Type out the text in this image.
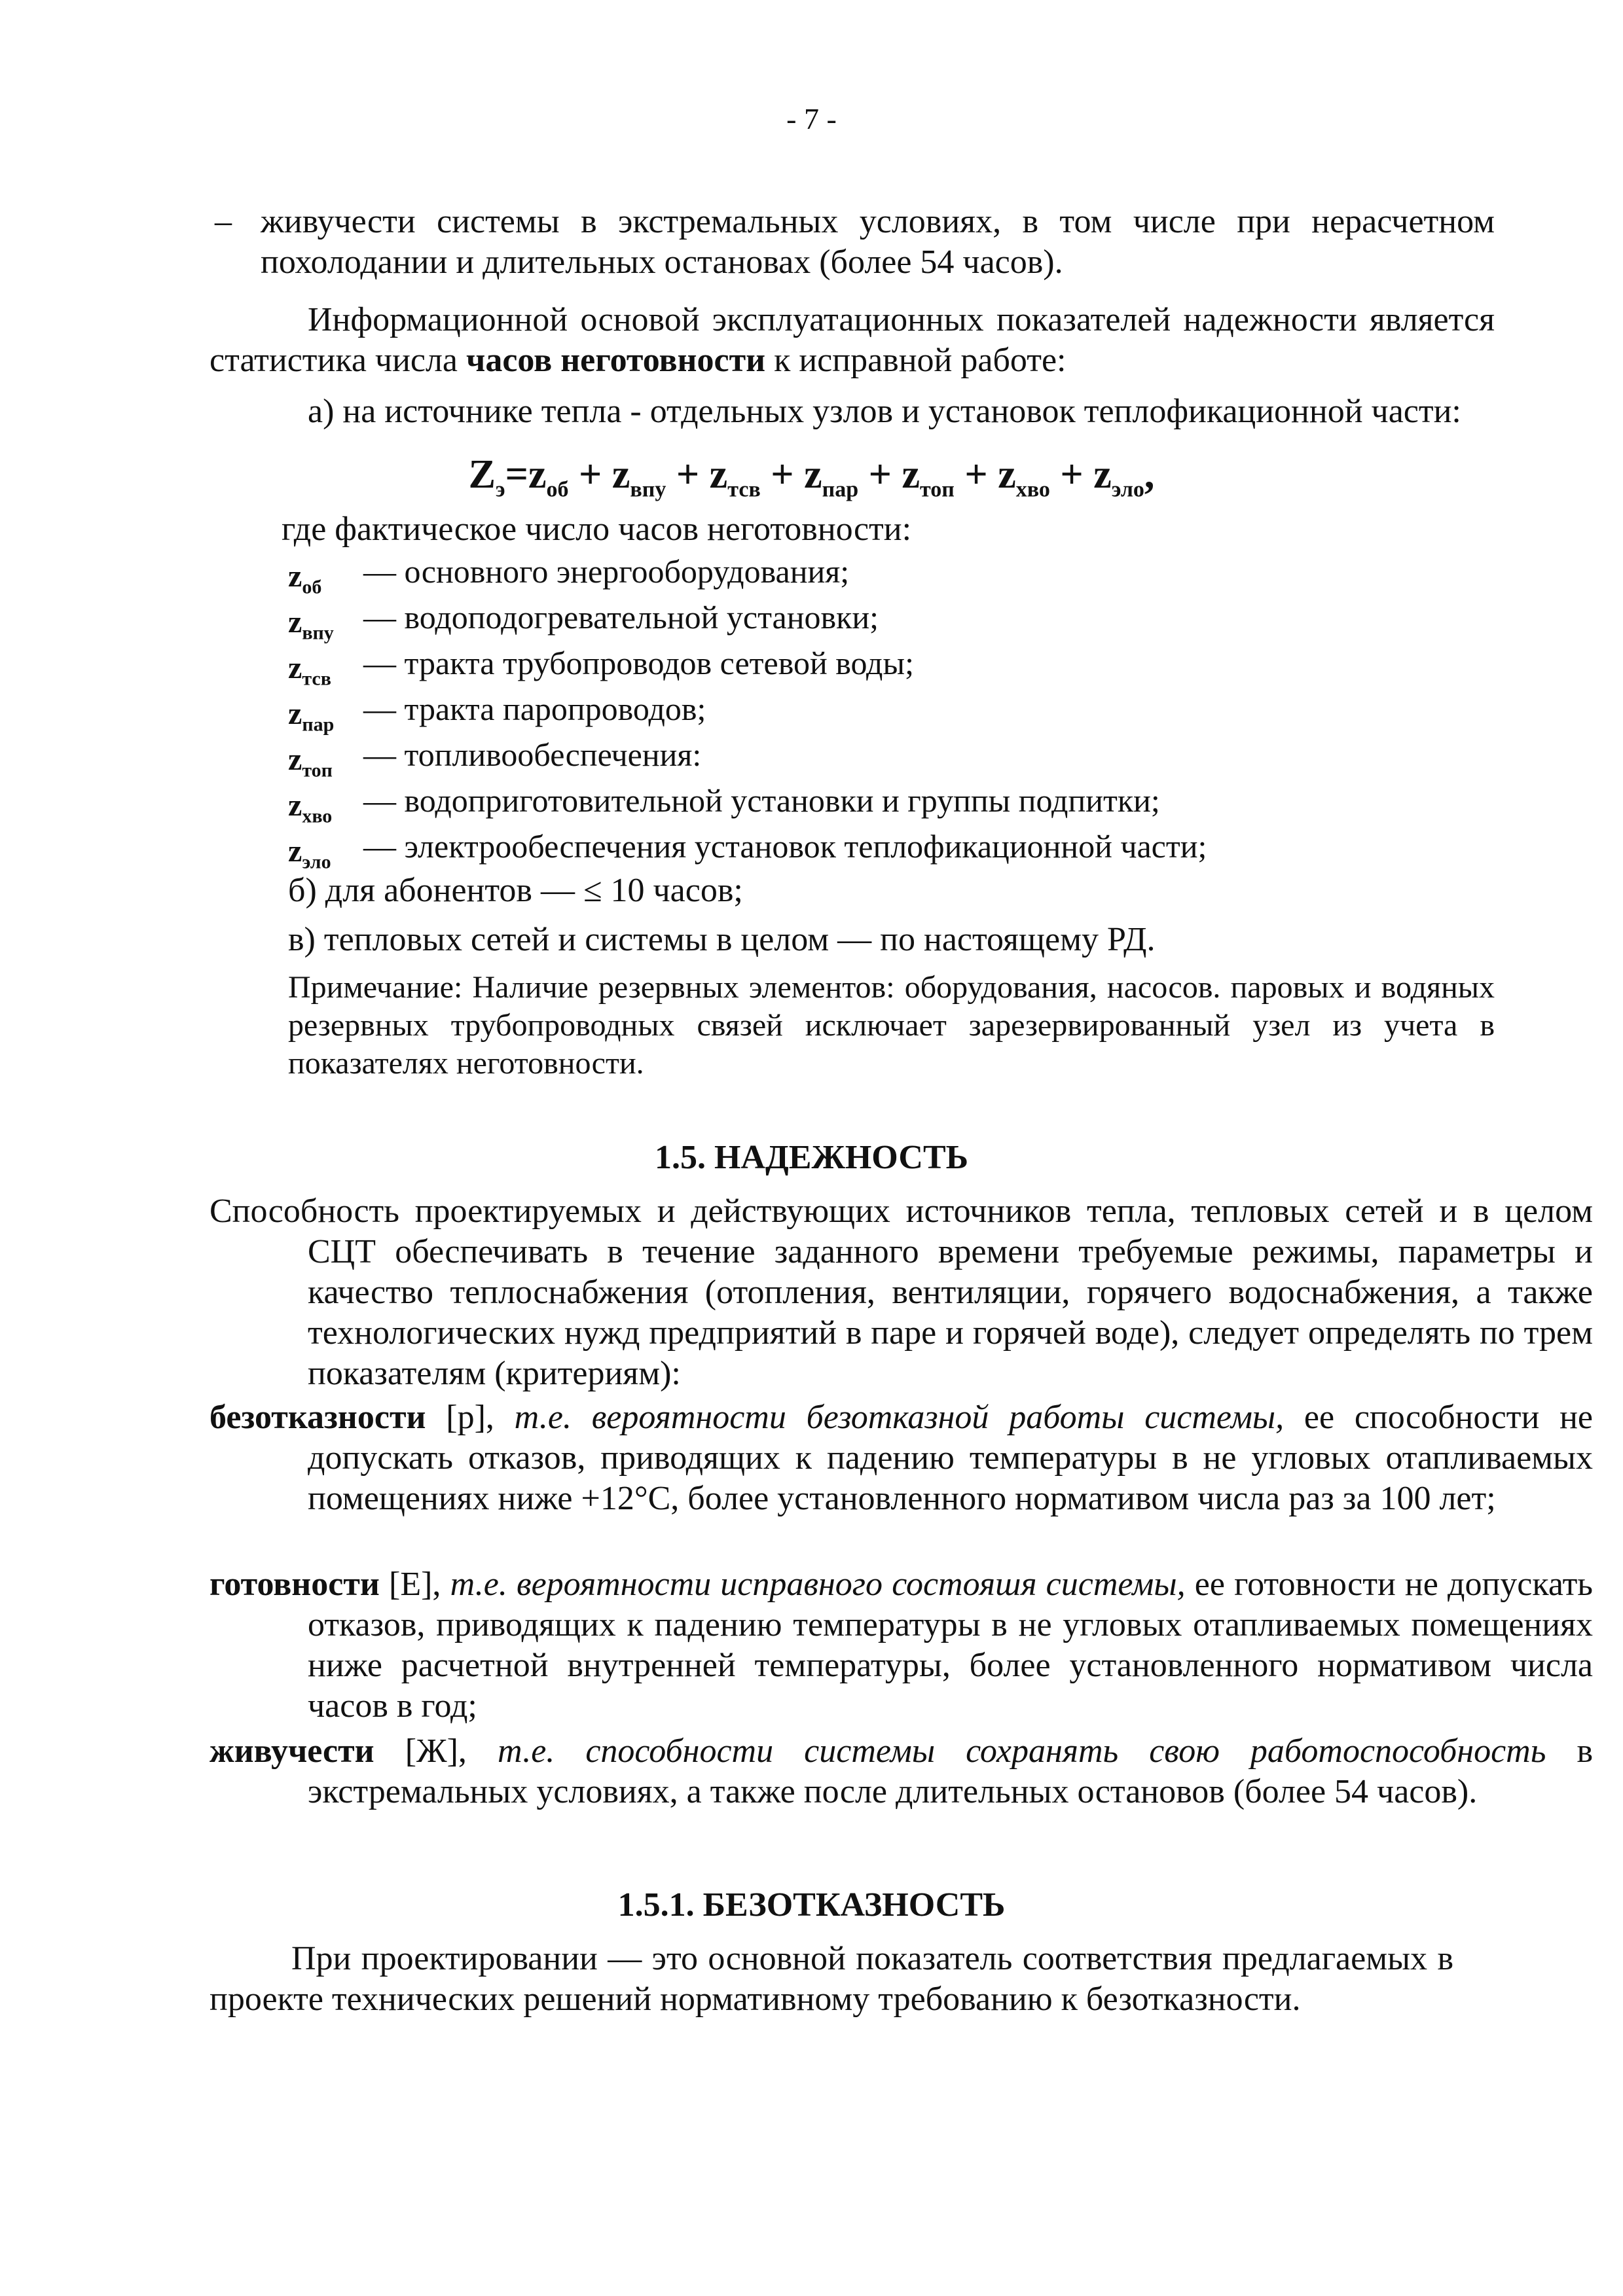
- 7 -
– живучести системы в экстремальных условиях, в том числе при нерасчетном
похолодании и длительных остановах (более 54 часов).

Информационной основой эксплуатационных показателей надежности является статистика числа часов неготовности к исправной работе:

а) на источнике тепла - отдельных узлов и установок теплофикационной части:
$Z_э=z_{об} + z_{впу} + z_{тсв} + z_{пар} + z_{топ} + z_{хво} + z_{эло}$,
где фактическое число часов неготовности:
$z_{об}$ — основного энергооборудования;
$z_{впу}$ — водоподогревательной установки;
$z_{тсв}$ — тракта трубопроводов сетевой воды;
$z_{пар}$ — тракта паропроводов;
$z_{топ}$ — топливообеспечения:
$z_{хво}$ — водоприготовительной установки и группы подпитки;
$z_{эло}$ — электрообеспечения установок теплофикационной части;
б) для абонентов — ≤ 10 часов;
в) тепловых сетей и системы в целом — по настоящему РД.

Примечание: Наличие резервных элементов: оборудования, насосов. паровых и водяных резервных трубопроводных связей исключает зарезервированный узел из учета в показателях неготовности.

1.5. НАДЕЖНОСТЬ

Способность проектируемых и действующих источников тепла, тепловых сетей и в целом СЦТ обеспечивать в течение заданного времени требуемые режимы, параметры и качество теплоснабжения (отопления, вентиляции, горячего водоснабжения, а также технологических нужд предприятий в паре и горячей воде), следует определять по трем показателям (критериям):

безотказности [р], т.е. вероятности безотказной работы системы, ее способности не допускать отказов, приводящих к падению температуры в не угловых отапливаемых помещениях ниже +12°С, более установленного нормативом числа раз за 100 лет;

готовности [Е], т.е. вероятности исправного состояшя системы, ее готовности не допускать отказов, приводящих к падению температуры в не угловых отапливаемых помещениях ниже расчетной внутренней температуры, более установленного нормативом числа часов в год;

живучести [Ж], т.е. способности системы сохранять свою работоспособность в экстремальных условиях, а также после длительных остановов (более 54 часов).

1.5.1. БЕЗОТКАЗНОСТЬ

При проектировании — это основной показатель соответствия предлагаемых в проекте технических решений нормативному требованию к безотказности.
